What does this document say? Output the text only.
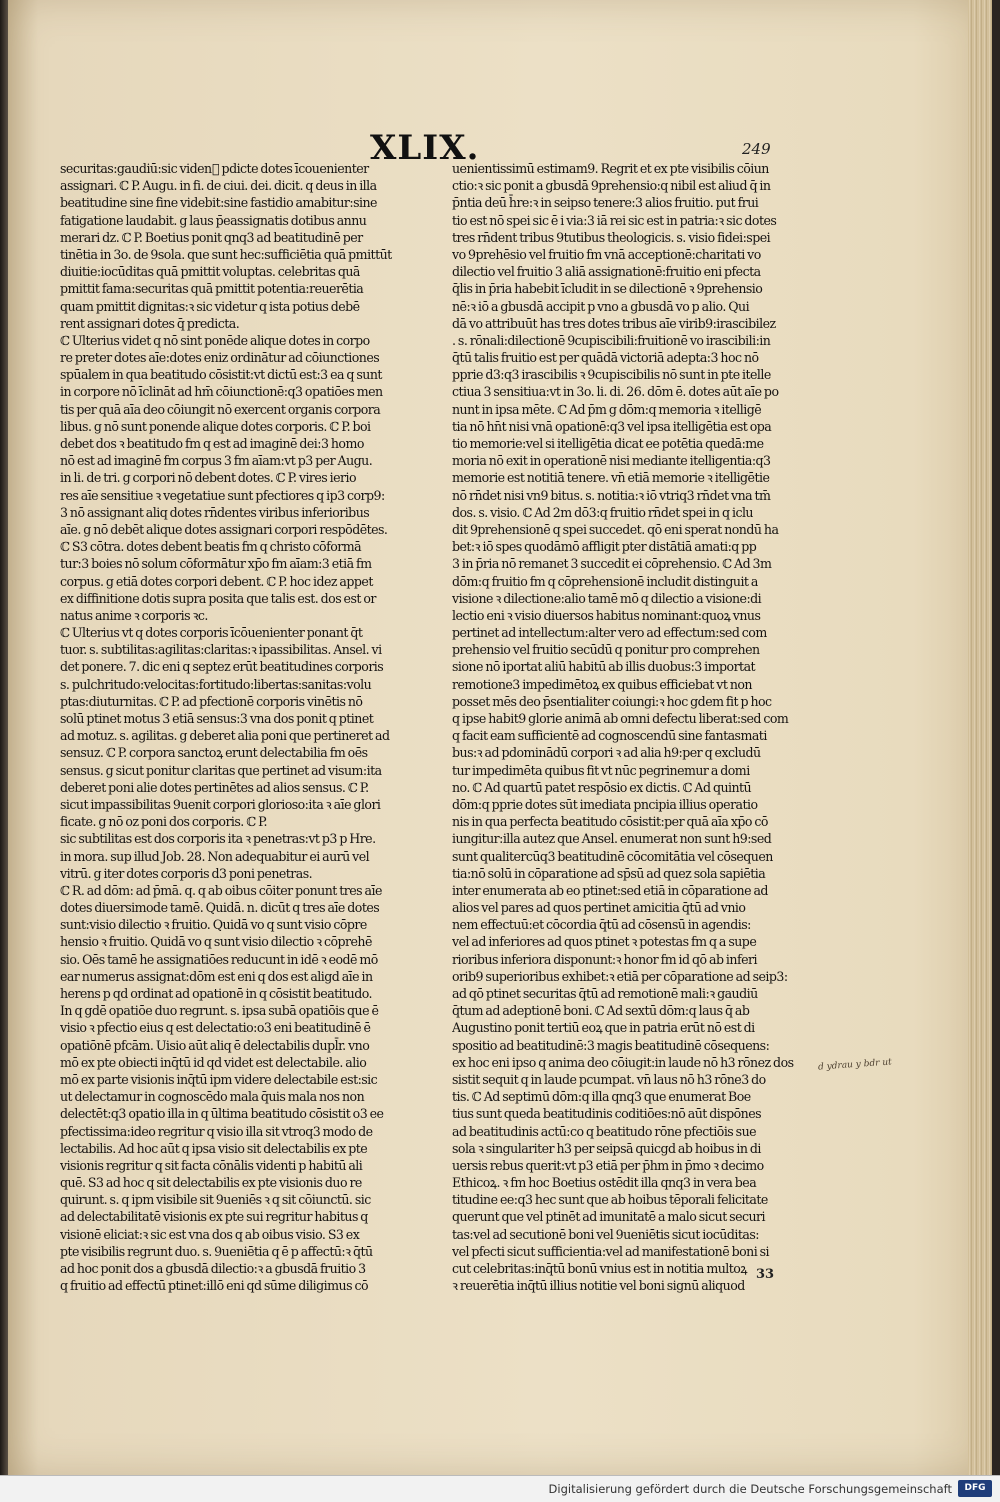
XLIX.	249
securitas:gaudiū:sic videnᷓ pdicte dotes īcouenienter
assignari. ℂ P. Augu. in fi. de ciui. dei. dicit. q deus in illa
beatitudine sine fine videbit:sine fastidio amabitur:sine
fatigatione laudabit. g laus p̄eassignatis dotibus annu
merari dz. ℂ P. Boetius ponit qnq3 ad beatitudinē per
tinētia in 3o. de 9sola. que sunt hec:sufficiētia quā pmittūt
diuitie:iocūditas quā pmittit voluptas. celebritas quā
pmittit fama:securitas quā pmittit potentia:reuerētia
quam pmittit dignitas:ꝛ sic videtur q ista potius debē
rent assignari dotes q̄ predicta.
ℂ Ulterius videt q nō sint ponēde alique dotes in corpo
re preter dotes aīe:dotes eniz ordinātur ad cōiunctiones
spūalem in qua beatitudo cōsistit:vt dictū est:3 ea q sunt
in corpore nō īclināt ad hm̄ cōiunctionē:q3 opatiōes men
tis per quā aīa deo cōiungit nō exercent organis corpora
libus. g nō sunt ponende alique dotes corporis. ℂ P. boi
debet dos ꝛ beatitudo fm q est ad imaginē dei:3 homo
nō est ad imaginē fm corpus 3 fm aīam:vt p3 per Augu.
in li. de tri. g corpori nō debent dotes. ℂ P. vires ierio
res aīe sensitiue ꝛ vegetatiue sunt pfectiores q ip3 corp9:
3 nō assignant aliq dotes rn̄dentes viribus inferioribus
aīe. g nō debēt alique dotes assignari corpori respōdētes.
ℂ S3 cōtra. dotes debent beatis fm q christo cōformā
tur:3 boies nō solum cōformātur xp̄o fm aīam:3 etiā fm
corpus. g etiā dotes corpori debent. ℂ P. hoc idez appet
ex diffinitione dotis supra posita que talis est. dos est or
natus anime ꝛ corporis ꝛc.
ℂ Ulterius vt q dotes corporis īcōuenienter ponant q̄t
tuor. s. subtilitas:agilitas:claritas:ꝛ ipassibilitas. Ansel. vi
det ponere. 7. dic eni q septez erūt beatitudines corporis
s. pulchritudo:velocitas:fortitudo:libertas:sanitas:volu
ptas:diuturnitas. ℂ P. ad pfectionē corporis vinētis nō
solū ptinet motus 3 etiā sensus:3 vna dos ponit q ptinet
ad motuz. s. agilitas. g deberet alia poni que pertineret ad
sensuz. ℂ P. corpora sanctoꝝ erunt delectabilia fm oēs
sensus. g sicut ponitur claritas que pertinet ad visum:ita
deberet poni alie dotes pertinētes ad alios sensus. ℂ P.
sicut impassibilitas 9uenit corpori glorioso:ita ꝛ aīe glori
ficate. g nō oz poni dos corporis. ℂ P.
sic subtilitas est dos corporis ita ꝛ penetras:vt p3 p Hre.
in mora. sup illud Job. 28. Non adequabitur ei aurū vel
vitrū. g iter dotes corporis d3 poni penetras.
ℂ R. ad dōm: ad p̄mā. q. q ab oibus cōiter ponunt tres aīe
dotes diuersimode tamē. Quidā. n. dicūt q tres aīe dotes
sunt:visio dilectio ꝛ fruitio. Quidā vo q sunt visio cōpre
hensio ꝛ fruitio. Quidā vo q sunt visio dilectio ꝛ cōprehē
sio. Oēs tamē he assignatiōes reducunt in idē ꝛ eodē mō
ear numerus assignat:dōm est eni q dos est aligd aīe in
herens p qd ordinat ad opationē in q cōsistit beatitudo.
In q gdē opatiōe duo regrunt. s. ipsa subā opatiōis que ē
visio ꝛ pfectio eius q est delectatio:o3 eni beatitudinē ē
opatiōnē pfcām. Uisio aūt aliq ē delectabilis dupl̄r. vno
mō ex pte obiecti inq̄tū id qd videt est delectabile. alio
mō ex parte visionis inq̄tū ipm videre delectabile est:sic
ut delectamur in cognoscēdo mala q̄uis mala nos non
delectēt:q3 opatio illa in q ūltima beatitudo cōsistit o3 ee
pfectissima:ideo regritur q visio illa sit vtroq3 modo de
lectabilis. Ad hoc aūt q ipsa visio sit delectabilis ex pte
visionis regritur q sit facta cōnālis videnti p habitū ali
quē. S3 ad hoc q sit delectabilis ex pte visionis duo re
quirunt. s. q ipm visibile sit 9ueniēs ꝛ q sit cōiunctū. sic
ad delectabilitatē visionis ex pte sui regritur habitus q
visionē eliciat:ꝛ sic est vna dos q ab oibus visio. S3 ex
pte visibilis regrunt duo. s. 9ueniētia q ē p affectū:ꝛ q̄tū
ad hoc ponit dos a gbusdā dilectio:ꝛ a gbusdā fruitio 3
q fruitio ad effectū ptinet:illō eni qd sūme diligimus cō
uenientissimū estimam9. Regrit et ex pte visibilis cōiun
ctio:ꝛ sic ponit a gbusdā 9prehensio:q nibil est aliud q̄ in
p̄ntia deū h̄re:ꝛ in seipso tenere:3 alios fruitio. put frui
tio est nō spei sic ē i via:3 iā rei sic est in patria:ꝛ sic dotes
tres rn̄dent tribus 9tutibus theologicis. s. visio fidei:spei
vo 9prehēsio vel fruitio fm vnā acceptionē:charitati vo
dilectio vel fruitio 3 aliā assignationē:fruitio eni pfecta
q̄lis in p̄ria habebit īcludit in se dilectionē ꝛ 9prehensio
nē:ꝛ iō a gbusdā accipit p vno a gbusdā vo p alio. Qui
dā vo attribuūt has tres dotes tribus aīe virib9:irascibilez
. s. rōnali:dilectionē 9cupiscibili:fruitionē vo irascibili:in
q̄tū talis fruitio est per quādā victoriā adepta:3 hoc nō
pprie d3:q3 irascibilis ꝛ 9cupiscibilis nō sunt in pte itelle
ctiua 3 sensitiua:vt in 3o. li. di. 26. dōm ē. dotes aūt aīe po
nunt in ipsa mēte. ℂ Ad p̄m g dōm:q memoria ꝛ itelligē
tia nō hn̄t nisi vnā opationē:q3 vel ipsa itelligētia est opa
tio memorie:vel si itelligētia dicat ee potētia quedā:me
moria nō exit in operationē nisi mediante itelligentia:q3
memorie est notitiā tenere. vn̄ etiā memorie ꝛ itelligētie
nō rn̄det nisi vn9 bitus. s. notitia:ꝛ iō vtriq3 rn̄det vna tm̄
dos. s. visio. ℂ Ad 2m dō3:q fruitio rn̄det spei in q iclu
dit 9prehensionē q spei succedet. qō eni sperat nondū ha
bet:ꝛ iō spes quodāmō affligit pter distātiā amati:q pp
3 in p̄ria nō remanet 3 succedit ei cōprehensio. ℂ Ad 3m
dōm:q fruitio fm q cōprehensionē includit distinguit a
visione ꝛ dilectione:alio tamē mō q dilectio a visione:di
lectio eni ꝛ visio diuersos habitus nominant:quoꝝ vnus
pertinet ad intellectum:alter vero ad effectum:sed com
prehensio vel fruitio secūdū q ponitur pro comprehen
sione nō iportat aliū habitū ab illis duobus:3 importat
remotione3 impedimētoꝝ ex quibus efficiebat vt non
posset mēs deo p̄sentialiter coiungi:ꝛ hoc gdem fit p hoc
q ipse habit9 glorie animā ab omni defectu liberat:sed com
q facit eam sufficientē ad cognoscendū sine fantasmati
bus:ꝛ ad pdominādū corpori ꝛ ad alia h9:per q excludū
tur impedimēta quibus fit vt nūc pegrinemur a domi
no. ℂ Ad quartū patet respōsio ex dictis. ℂ Ad quintū
dōm:q pprie dotes sūt imediata pncipia illius operatio
nis in qua perfecta beatitudo cōsistit:per quā aīa xp̄o cō
iungitur:illa autez que Ansel. enumerat non sunt h9:sed
sunt qualitercūq3 beatitudinē cōcomitātia vel cōsequen
tia:nō solū in cōparatione ad sp̄sū ad quez sola sapiētia
inter enumerata ab eo ptinet:sed etiā in cōparatione ad
alios vel pares ad quos pertinet amicitia q̄tū ad vnio
nem effectuū:et cōcordia q̄tū ad cōsensū in agendis:
vel ad inferiores ad quos ptinet ꝛ potestas fm q a supe
rioribus inferiora disponunt:ꝛ honor fm id qō ab inferi
orib9 superioribus exhibet:ꝛ etiā per cōparatione ad seip3:
ad qō ptinet securitas q̄tū ad remotionē mali:ꝛ gaudiū
q̄tum ad adeptionē boni. ℂ Ad sextū dōm:q laus q̄ ab
Augustino ponit tertiū eoꝝ que in patria erūt nō est di
spositio ad beatitudinē:3 magis beatitudinē cōsequens:
ex hoc eni ipso q anima deo cōiugit:in laude nō h3 rōnez dos
sistit sequit q in laude pcumpat. vn̄ laus nō h3 rōne3 do
tis. ℂ Ad septimū dōm:q illa qnq3 que enumerat Boe
tius sunt queda beatitudinis coditiōes:nō aūt dispōnes
ad beatitudinis actū:co q beatitudo rōne pfectiōis sue
sola ꝛ singulariter h3 per seipsā quicgd ab hoibus in di
uersis rebus querit:vt p3 etiā per p̄hm in p̄mo ꝛ decimo
Ethicoꝝ. ꝛ fm hoc Boetius ostēdit illa qnq3 in vera bea
titudine ee:q3 hec sunt que ab hoibus tēporali felicitate
querunt que vel ptinēt ad imunitatē a malo sicut securi
tas:vel ad secutionē boni vel 9ueniētis sicut iocūditas:
vel pfecti sicut sufficientia:vel ad manifestationē boni si
cut celebritas:inq̄tū bonū vnius est in notitia multoꝝ
ꝛ reuerētia inq̄tū illius notitie vel boni signū aliquod
33
d ydrau y bdr ut
Digitalisierung gefördert durch die Deutsche Forschungsgemeinschaft	DFG
